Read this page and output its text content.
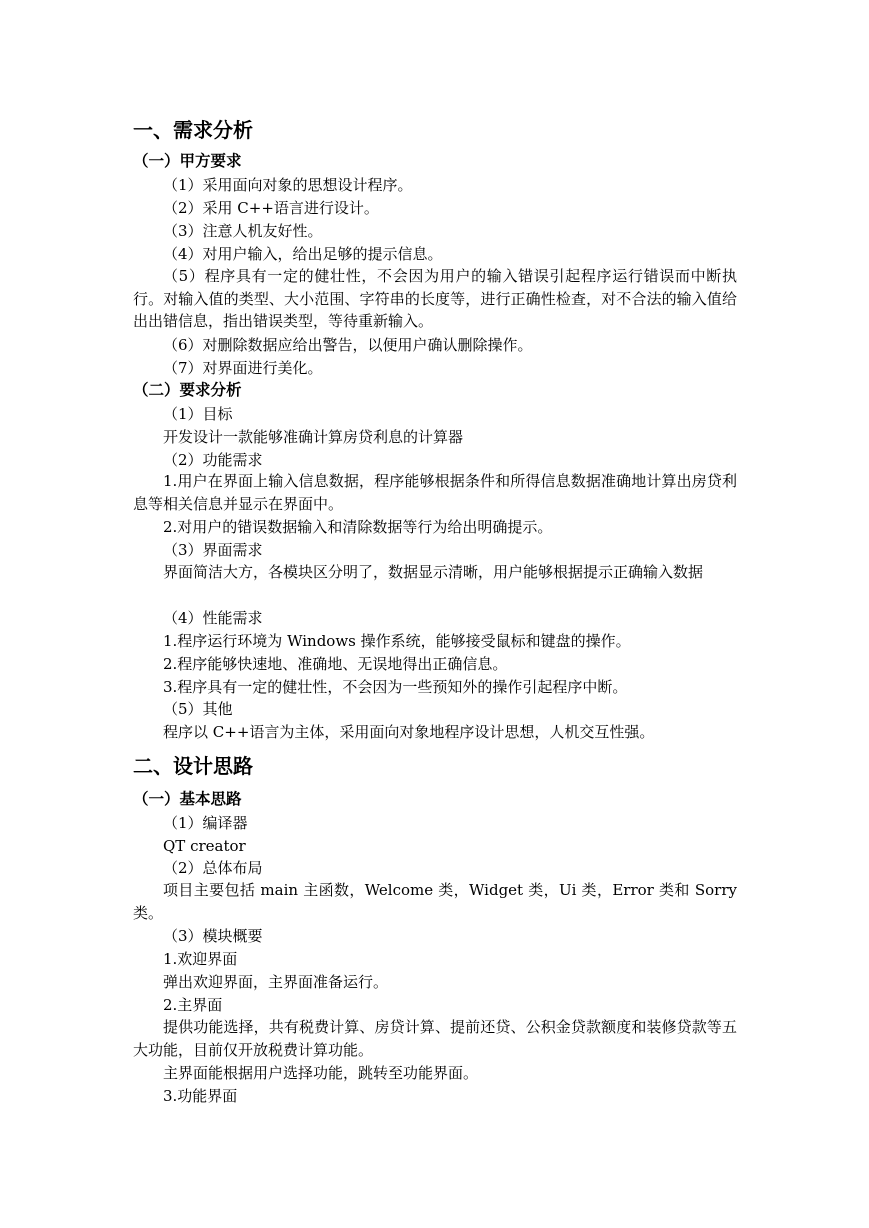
一、需求分析
（一）甲方要求

（1）采用面向对象的思想设计程序。

（2）采用 C++语言进行设计。

（3）注意人机友好性。

（4）对用户输入，给出足够的提示信息。

（5）程序具有一定的健壮性，不会因为用户的输入错误引起程序运行错误而中断执行。对输入值的类型、大小范围、字符串的长度等，进行正确性检查，对不合法的输入值给出出错信息，指出错误类型，等待重新输入。

（6）对删除数据应给出警告，以便用户确认删除操作。

（7）对界面进行美化。

（二）要求分析

（1）目标

开发设计一款能够准确计算房贷利息的计算器

（2）功能需求

1.用户在界面上输入信息数据，程序能够根据条件和所得信息数据准确地计算出房贷利息等相关信息并显示在界面中。

2.对用户的错误数据输入和清除数据等行为给出明确提示。

（3）界面需求

界面简洁大方，各模块区分明了，数据显示清晰，用户能够根据提示正确输入数据

（4）性能需求

1.程序运行环境为 Windows 操作系统，能够接受鼠标和键盘的操作。

2.程序能够快速地、准确地、无误地得出正确信息。

3.程序具有一定的健壮性，不会因为一些预知外的操作引起程序中断。

（5）其他

程序以 C++语言为主体，采用面向对象地程序设计思想，人机交互性强。

二、设计思路
（一）基本思路

（1）编译器

QT creator

（2）总体布局

项目主要包括 main 主函数，Welcome 类，Widget 类，Ui 类，Error 类和 Sorry 类。

（3）模块概要

1.欢迎界面

弹出欢迎界面，主界面准备运行。

2.主界面

提供功能选择，共有税费计算、房贷计算、提前还贷、公积金贷款额度和装修贷款等五大功能，目前仅开放税费计算功能。

主界面能根据用户选择功能，跳转至功能界面。

3.功能界面
